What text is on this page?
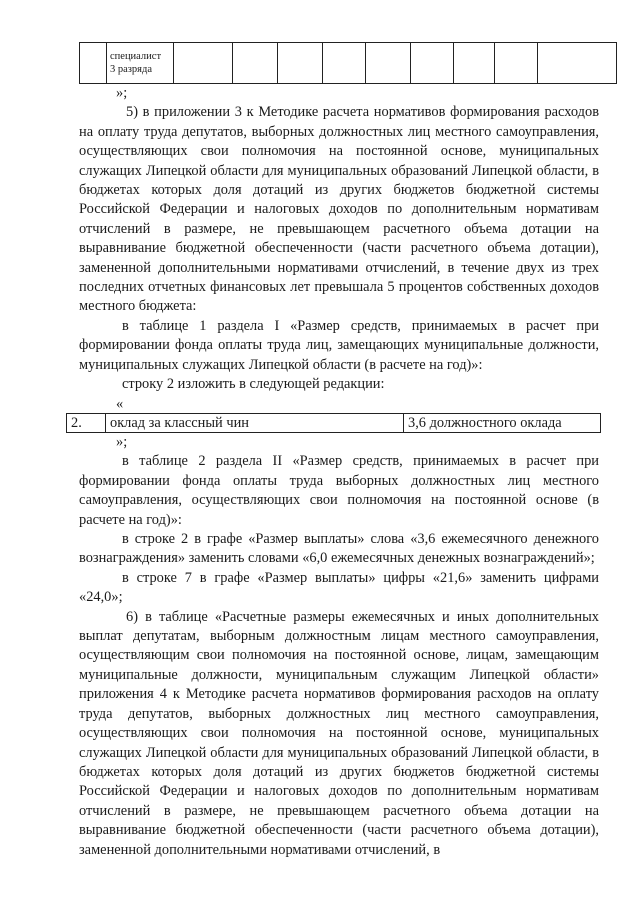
	специалист
3 разряда									

»;

5) в приложении 3 к Методике расчета нормативов формирования расходов на оплату труда депутатов, выборных должностных лиц местного самоуправления, осуществляющих свои полномочия на постоянной основе, муниципальных служащих Липецкой области для муниципальных образований Липецкой области, в бюджетах которых доля дотаций из других бюджетов бюджетной системы Российской Федерации и налоговых доходов по дополнительным нормативам отчислений в размере, не превышающем расчетного объема дотации на выравнивание бюджетной обеспеченности (части расчетного объема дотации), замененной дополнительными нормативами отчислений, в течение двух из трех последних отчетных финансовых лет превышала 5 процентов собственных доходов местного бюджета:

в таблице 1 раздела I «Размер средств, принимаемых в расчет при формировании фонда оплаты труда лиц, замещающих муниципальные должности, муниципальных служащих Липецкой области (в расчете на год)»:

строку 2 изложить в следующей редакции:

«

2.	оклад за классный чин	3,6 должностного оклада

»;

в таблице 2 раздела II «Размер средств, принимаемых в расчет при формировании фонда оплаты труда выборных должностных лиц местного самоуправления, осуществляющих свои полномочия на постоянной основе (в расчете на год)»:

в строке 2 в графе «Размер выплаты» слова «3,6 ежемесячного денежного вознаграждения» заменить словами «6,0 ежемесячных денежных вознаграждений»;

в строке 7 в графе «Размер выплаты» цифры «21,6» заменить цифрами «24,0»;

6) в таблице «Расчетные размеры ежемесячных и иных дополнительных выплат депутатам, выборным должностным лицам местного самоуправления, осуществляющим свои полномочия на постоянной основе, лицам, замещающим муниципальные должности, муниципальным служащим Липецкой области» приложения 4 к Методике расчета нормативов формирования расходов на оплату труда депутатов, выборных должностных лиц местного самоуправления, осуществляющих свои полномочия на постоянной основе, муниципальных служащих Липецкой области для муниципальных образований Липецкой области, в бюджетах которых доля дотаций из других бюджетов бюджетной системы Российской Федерации и налоговых доходов по дополнительным нормативам отчислений в размере, не превышающем расчетного объема дотации на выравнивание бюджетной обеспеченности (части расчетного объема дотации), замененной дополнительными нормативами отчислений, в
